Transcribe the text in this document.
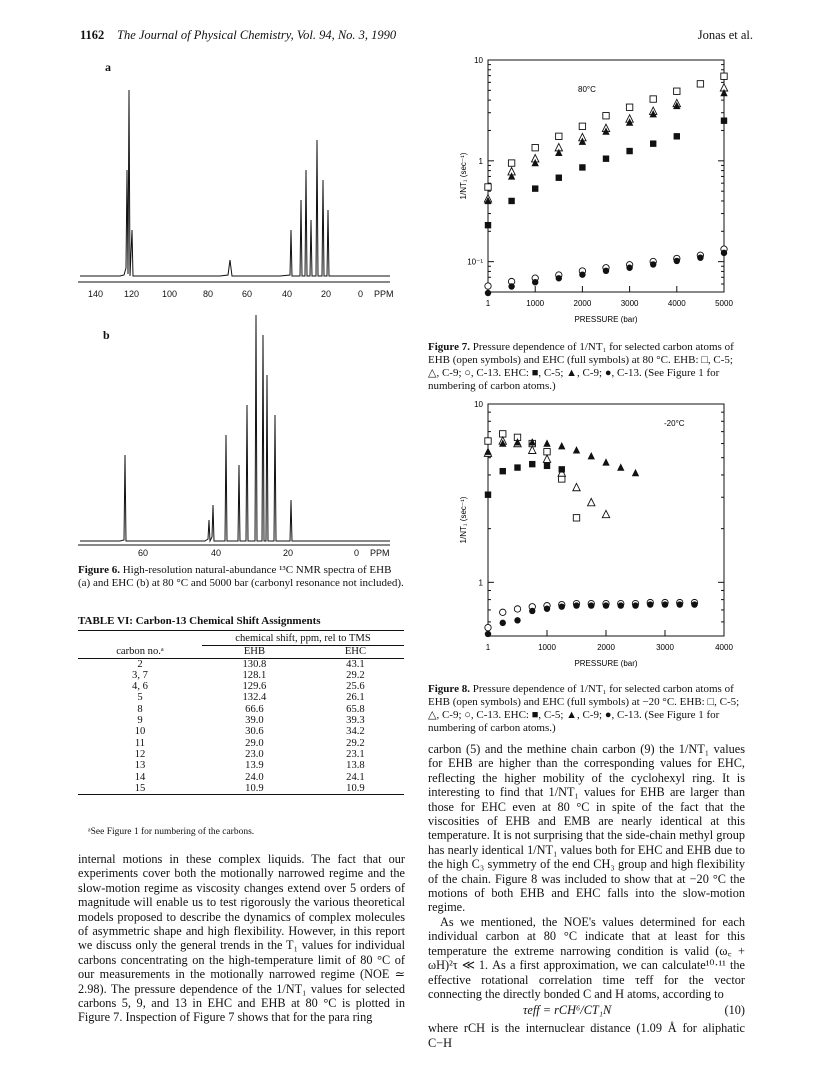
1162 The Journal of Physical Chemistry, Vol. 94, No. 3, 1990	Jonas et al.
a
140 120	100	80	60	40	20	0 PPM
b
60	40	20	0 PPM
Figure 6. High-resolution natural-abundance ¹³C NMR spectra of EHB (a) and EHC (b) at 80 °C and 5000 bar (carbonyl resonance not included).
TABLE VI: Carbon-13 Chemical Shift Assignments
	chemical shift, ppm, rel to TMS	
carbon no.ᵃ	EHB	EHC
2	130.8	43.1
3, 7	128.1	29.2
4, 6	129.6	25.6
5	132.4	26.1
8	66.6	65.8
9	39.0	39.3
10	30.6	34.2
11	29.0	29.2
12	23.0	23.1
13	13.9	13.8
14	24.0	24.1
15	10.9	10.9
ᵃSee Figure 1 for numbering of the carbons.

internal motions in these complex liquids. The fact that our experiments cover both the motionally narrowed regime and the slow-motion regime as viscosity changes extend over 5 orders of magnitude will enable us to test rigorously the various theoretical models proposed to describe the dynamics of complex molecules of asymmetric shape and high flexibility. However, in this report we discuss only the general trends in the T₁ values for individual carbons concentrating on the high-temperature limit of 80 °C of our measurements in the motionally narrowed regime (NOE ≃ 2.98). The pressure dependence of the 1/NT₁ values for selected carbons 5, 9, and 13 in EHC and EHB at 80 °C is plotted in Figure 7. Inspection of Figure 7 shows that for the para ring

10
1
10⁻¹
1	1000	2000	3000	4000	5000
PRESSURE (bar)
1/NT₁ (sec⁻¹)
80°C
Figure 7. Pressure dependence of 1/NT₁ for selected carbon atoms of EHB (open symbols) and EHC (full symbols) at 80 °C. EHB: □, C-5; △, C-9; ○, C-13. EHC: ■, C-5; ▲, C-9; ●, C-13. (See Figure 1 for numbering of carbon atoms.)
10
1
1	1000	2000	3000	4000
PRESSURE (bar)
1/NT₁ (sec⁻¹)
-20°C
Figure 8. Pressure dependence of 1/NT₁ for selected carbon atoms of EHB (open symbols) and EHC (full symbols) at −20 °C. EHB: □, C-5; △, C-9; ○, C-13. EHC: ■, C-5; ▲, C-9; ●, C-13. (See Figure 1 for numbering of carbon atoms.)

carbon (5) and the methine chain carbon (9) the 1/NT₁ values for EHB are higher than the corresponding values for EHC, reflecting the higher mobility of the cyclohexyl ring. It is interesting to find that 1/NT₁ values for EHB are larger than those for EHC even at 80 °C in spite of the fact that the viscosities of EHB and EMB are nearly identical at this temperature. It is not surprising that the side-chain methyl group has nearly identical 1/NT₁ values both for EHC and EHB due to the high C₃ symmetry of the end CH₃ group and high flexibility of the chain. Figure 8 was included to show that at −20 °C the motions of both EHB and EHC falls into the slow-motion regime.

As we mentioned, the NOE's values determined for each individual carbon at 80 °C indicate that at least for this temperature the extreme narrowing condition is valid (ω꜀ + ωH)²τ ≪ 1. As a first approximation, we can calculate¹⁰·¹¹ the effective rotational correlation time τeff for the vector connecting the directly bonded C and H atoms, according to

τeff = rCH⁶/CT₁N	(10)

where rCH is the internuclear distance (1.09 Å for aliphatic C−H
